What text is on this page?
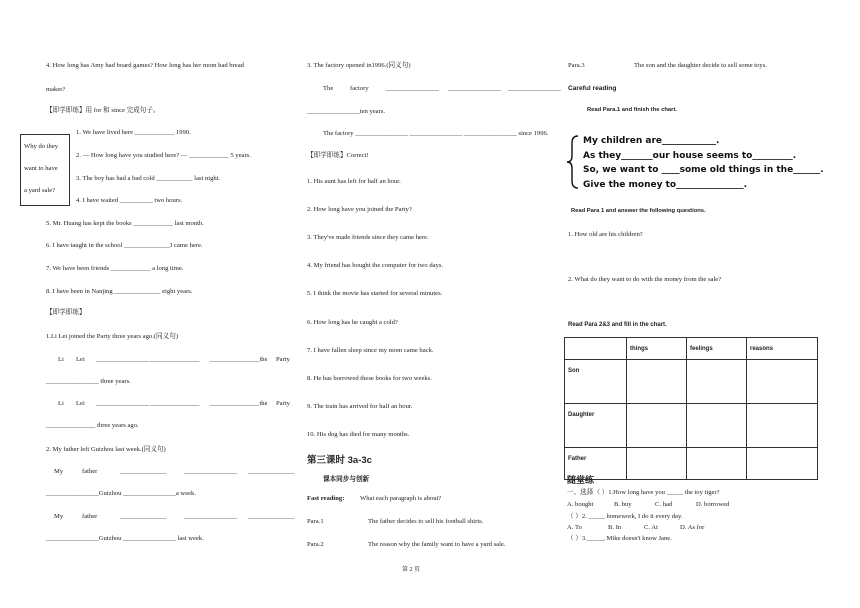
4. How long has Amy had board games? How long has her mom had bread
maker?
【即学即练】用 for 和 since 完成句子。
Why do they
want to have
a yard sale?
1. We have lived here ____________ 1990.
2. — How long have you studied here? — ____________ 5 years.
3. The boy has had a bad cold ___________ last night.
4. I have waited __________ two hours.
5. Mr. Huang has kept the books ____________ last month.
6. I have taught in the school ______________I came here.
7. We have been friends ____________ a long time.
8. I have been in Nanjing ______________ eight years.
【即学即练】
1.Li Lei joined the Party three years ago.(同义句)
Li Lei ________________ _______________ _______________the Party
________________ three years.
Li Lei ________________ _______________ _______________the Party
_______________ three years ago.
2. My father left Guizhou last week.(同义句)
My	father	______________	________________ ______________
________________Guizhou ________________a week.
My	father	______________	________________ ______________
________________Guizhou ________________ last week.
3. The factory opened in1996.(同义句)
The	factory	________________ ________________ ________________
________________ten years.
The factory ________________ ________________ ________________ since 1996.
【即学即练】Correct!
1. His aunt has left for half an hour.
2. How long have you joined the Party?
3. They've made friends since they came here.
4. My friend has bought the computer for two days.
5. I think the movie has started for several minutes.
6. How long has he caught a cold?
7. I have fallen sleep since my mom came back.
8. He has borrowed these books for two weeks.
9. The train has arrived for half an hour.
10. His dog has died for many months.
第三课时 3a-3c
课本同步与创新
Fast reading: What each paragraph is about?
Para.1	The father decides to sell his football shirts.
Para.2	The reason why the family want to have a yard sale.
Para.3	The son and the daughter decide to sell some toys.
Careful reading
Read Para.1 and finish the chart.
My children are____________.
As they_______our house seems to_________.
So, we want to ____some old things in the______.
Give the money to_______________.
Read Para 1 and answer the following questions.
1. How old are his children?
2. What do they want to do with the money from the sale?
Read Para 2&3 and fill in the chart.
	things	feelings	reasons
Son			
Daughter			
Father			
随堂练
一、选择（ ）1.How long have you _____ the toy tiger?
A. bought	B. buy	C. had	D. borrowed
（ ）2. _____ homework, I do it every day.
A. To	B. In	C. At	D. As for
（ ）3._____, Mike doesn't know Jane.
第 2 页
